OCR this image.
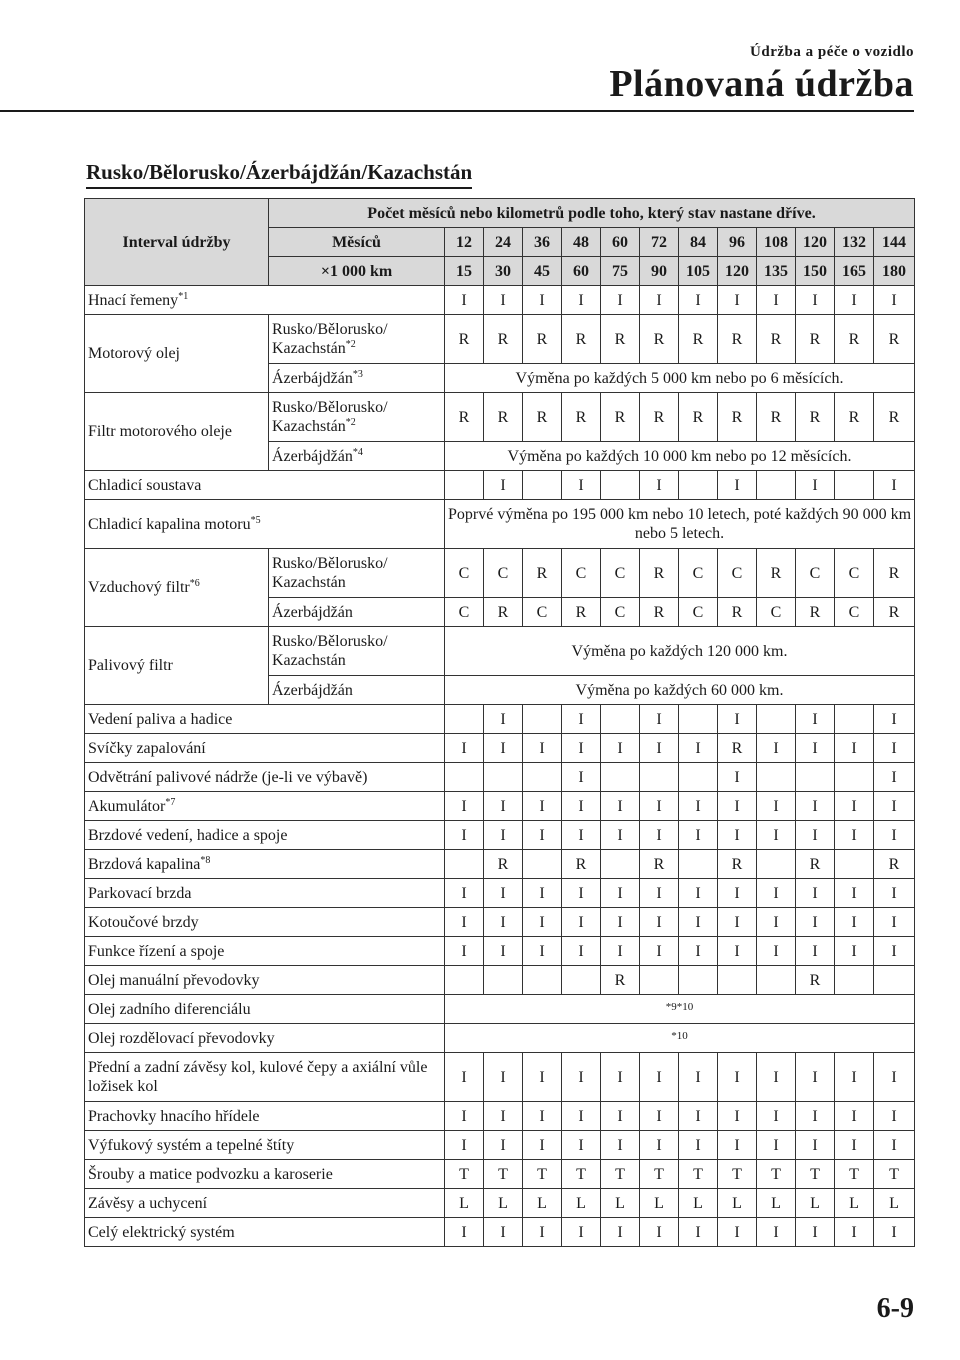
Údržba a péče o vozidlo
Plánovaná údržba
Rusko/Bělorusko/Ázerbájdžán/Kazachstán
Interval údržby	Počet měsíců nebo kilometrů podle toho, který stav nastane dříve.												
	Měsíců	12	24	36	48	60	72	84	96	108	120	132	144
	×1 000 km	15	30	45	60	75	90	105	120	135	150	165	180
Hnací řemeny$^{*1}$		I	I	I	I	I	I	I	I	I	I	I	I
Motorový olej	Rusko/Bělorusko/ Kazachstán$^{*2}$	R	R	R	R	R	R	R	R	R	R	R	R
	Ázerbájdžán$^{*3}$	Výměna po každých 5 000 km nebo po 6 měsících.											
Filtr motorového oleje	Rusko/Bělorusko/ Kazachstán$^{*2}$	R	R	R	R	R	R	R	R	R	R	R	R
	Ázerbájdžán$^{*4}$	Výměna po každých 10 000 km nebo po 12 měsících.											
Chladicí soustava			I		I		I		I		I		I
Chladicí kapalina motoru$^{*5}$		Poprvé výměna po 195 000 km nebo 10 letech, poté každých 90 000 km nebo 5 letech.											
Vzduchový filtr$^{*6}$	Rusko/Bělorusko/ Kazachstán	C	C	R	C	C	R	C	C	R	C	C	R
	Ázerbájdžán	C	R	C	R	C	R	C	R	C	R	C	R
Palivový filtr	Rusko/Bělorusko/ Kazachstán	Výměna po každých 120 000 km.											
	Ázerbájdžán	Výměna po každých 60 000 km.											
Vedení paliva a hadice			I		I		I		I		I		I
Svíčky zapalování		I	I	I	I	I	I	I	R	I	I	I	I
Odvětrání palivové nádrže (je-li ve výbavě)					I				I				I
Akumulátor$^{*7}$		I	I	I	I	I	I	I	I	I	I	I	I
Brzdové vedení, hadice a spoje		I	I	I	I	I	I	I	I	I	I	I	I
Brzdová kapalina$^{*8}$			R		R		R		R		R		R
Parkovací brzda		I	I	I	I	I	I	I	I	I	I	I	I
Kotoučové brzdy		I	I	I	I	I	I	I	I	I	I	I	I
Funkce řízení a spoje		I	I	I	I	I	I	I	I	I	I	I	I
Olej manuální převodovky						R					R		
Olej zadního diferenciálu		*9*10											
Olej rozdělovací převodovky		*10											
Přední a zadní závěsy kol, kulové čepy a axiální vůle ložisek kol		I	I	I	I	I	I	I	I	I	I	I	I
Prachovky hnacího hřídele		I	I	I	I	I	I	I	I	I	I	I	I
Výfukový systém a tepelné štíty		I	I	I	I	I	I	I	I	I	I	I	I
Šrouby a matice podvozku a karoserie		T	T	T	T	T	T	T	T	T	T	T	T
Závěsy a uchycení		L	L	L	L	L	L	L	L	L	L	L	L
Celý elektrický systém		I	I	I	I	I	I	I	I	I	I	I	I
6-9
